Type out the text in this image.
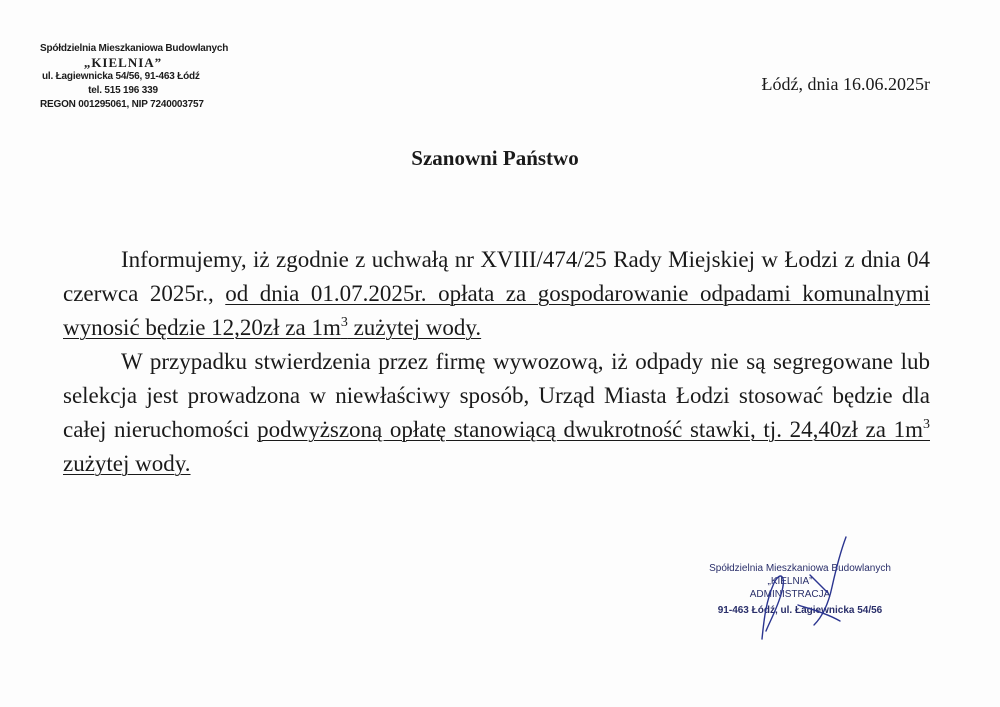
Spółdzielnia Mieszkaniowa Budowlanych
„KIELNIA”
ul. Łagiewnicka 54/56, 91-463 Łódź
tel. 515 196 339
REGON 001295061, NIP 7240003757
Łódź, dnia 16.06.2025r
Szanowni Państwo

Informujemy, iż zgodnie z uchwałą nr XVIII/474/25 Rady Miejskiej w Łodzi z dnia 04 czerwca 2025r., od dnia 01.07.2025r. opłata za gospodarowanie odpadami komunalnymi wynosić będzie 12,20zł za $1m^3$ zużytej wody.

W przypadku stwierdzenia przez firmę wywozową, iż odpady nie są segregowane lub selekcja jest prowadzona w niewłaściwy sposób, Urząd Miasta Łodzi stosować będzie dla całej nieruchomości podwyższoną opłatę stanowiącą dwukrotność stawki, tj. 24,40zł za $1m^3$ zużytej wody.

Spółdzielnia Mieszkaniowa Budowlanych
„KIELNIA”
ADMINISTRACJA
91-463 Łódź, ul. Łagiewnicka 54/56
